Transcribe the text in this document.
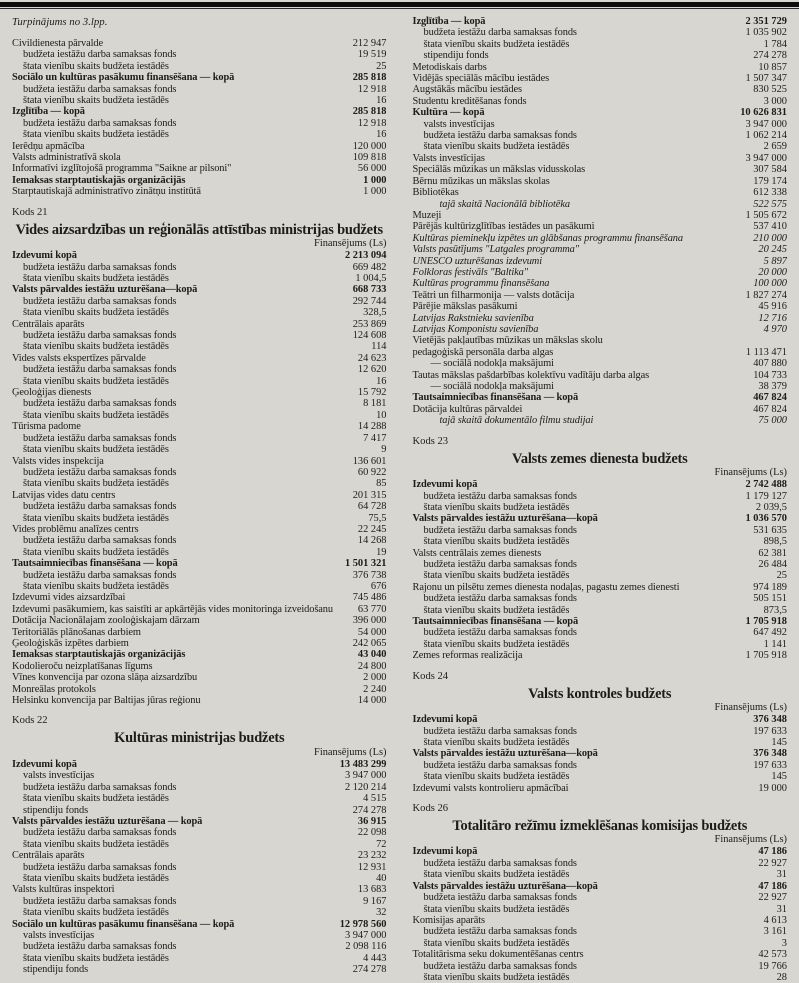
Turpinājums no 3.lpp.
Civildienesta pārvalde	212 947
budžeta iestāžu darba samaksas fonds	19 519
štata vienību skaits budžeta iestādēs	25
Sociālo un kultūras pasākumu finansēšana — kopā	285 818
budžeta iestāžu darba samaksas fonds	12 918
štata vienību skaits budžeta iestādēs	16
Izglītība — kopā	285 818
budžeta iestāžu darba samaksas fonds	12 918
štata vienību skaits budžeta iestādēs	16
Ierēdņu apmācība	120 000
Valsts administratīvā skola	109 818
Informatīvi izglītojošā programma "Saikne ar pilsoni"	56 000
Iemaksas starptautiskajās organizācijās	1 000
Starptautiskajā administratīvo zinātņu institūtā	1 000
Kods 21
Vides aizsardzības un reģionālās attīstības ministrijas budžets
Finansējums (Ls)
Izdevumi kopā	2 213 094
budžeta iestāžu darba samaksas fonds	669 482
štata vienību skaits budžeta iestādēs	1 004,5
Valsts pārvaldes iestāžu uzturēšana—kopā	668 733
budžeta iestāžu darba samaksas fonds	292 744
štata vienību skaits budžeta iestādēs	328,5
Centrālais aparāts	253 869
budžeta iestāžu darba samaksas fonds	124 608
štata vienību skaits budžeta iestādēs	114
Vides valsts ekspertīzes pārvalde	24 623
budžeta iestāžu darba samaksas fonds	12 620
štata vienību skaits budžeta iestādēs	16
Ģeoloģijas dienests	15 792
budžeta iestāžu darba samaksas fonds	8 181
štata vienību skaits budžeta iestādēs	10
Tūrisma padome	14 288
budžeta iestāžu darba samaksas fonds	7 417
štata vienību skaits budžeta iestādēs	9
Valsts vides inspekcija	136 601
budžeta iestāžu darba samaksas fonds	60 922
štata vienību skaits budžeta iestādēs	85
Latvijas vides datu centrs	201 315
budžeta iestāžu darba samaksas fonds	64 728
štata vienību skaits budžeta iestādēs	75,5
Vides problēmu analīzes centrs	22 245
budžeta iestāžu darba samaksas fonds	14 268
štata vienību skaits budžeta iestādēs	19
Tautsaimniecības finansēšana — kopā	1 501 321
budžeta iestāžu darba samaksas fonds	376 738
štata vienību skaits budžeta iestādēs	676
Izdevumi vides aizsardzībai	745 486
Izdevumi pasākumiem, kas saistīti ar apkārtējās vides monitoringa izveidošanu	63 770
Dotācija Nacionālajam zooloģiskajam dārzam	396 000
Teritoriālās plānošanas darbiem	54 000
Ģeoloģiskās izpētes darbiem	242 065
Iemaksas starptautiskajās organizācijās	43 040
Kodolieroču neizplatīšanas līgums	24 800
Vīnes konvencija par ozona slāņa aizsardzību	2 000
Monreālas protokols	2 240
Helsinku konvencija par Baltijas jūras reģionu	14 000
Kods 22
Kultūras ministrijas budžets
Finansējums (Ls)
Izdevumi kopā	13 483 299
valsts investīcijas	3 947 000
budžeta iestāžu darba samaksas fonds	2 120 214
štata vienību skaits budžeta iestādēs	4 515
stipendiju fonds	274 278
Valsts pārvaldes iestāžu uzturēšana — kopā	36 915
budžeta iestāžu darba samaksas fonds	22 098
štata vienību skaits budžeta iestādēs	72
Centrālais aparāts	23 232
budžeta iestāžu darba samaksas fonds	12 931
štata vienību skaits budžeta iestādēs	40
Valsts kultūras inspektori	13 683
budžeta iestāžu darba samaksas fonds	9 167
štata vienību skaits budžeta iestādēs	32
Sociālo un kultūras pasākumu finansēšana — kopā	12 978 560
valsts investīcijas	3 947 000
budžeta iestāžu darba samaksas fonds	2 098 116
štata vienību skaits budžeta iestādēs	4 443
stipendiju fonds	274 278
Izglītība — kopā	2 351 729
budžeta iestāžu darba samaksas fonds	1 035 902
štata vienību skaits budžeta iestādēs	1 784
stipendiju fonds	274 278
Metodiskais darbs	10 857
Vidējās speciālās mācību iestādes	1 507 347
Augstākās mācību iestādes	830 525
Studentu kreditēšanas fonds	3 000
Kultūra — kopā	10 626 831
valsts investīcijas	3 947 000
budžeta iestāžu darba samaksas fonds	1 062 214
štata vienību skaits budžeta iestādēs	2 659
Valsts investīcijas	3 947 000
Speciālās mūzikas un mākslas vidusskolas	307 584
Bērnu mūzikas un mākslas skolas	179 174
Bibliotēkas	612 338
tajā skaitā Nacionālā bibliotēka	522 575
Muzeji	1 505 672
Pārējās kultūrizglītības iestādes un pasākumi	537 410
Kultūras pieminekļu izpētes un glābšanas programmu finansēšana	210 000
Valsts pasūtījums "Latgales programma"	20 245
UNESCO uzturēšanas izdevumi	5 897
Folkloras festivāls "Baltika"	20 000
Kultūras programmu finansēšana	100 000
Teātri un filharmonija — valsts dotācija	1 827 274
Pārējie mākslas pasākumi	45 916
Latvijas Rakstnieku savienība	12 716
Latvijas Komponistu savienība	4 970
Vietējās pakļautības mūzikas un mākslas skolu
pedagoģiskā personāla darba algas	1 113 471
— sociālā nodokļa maksājumi	407 880
Tautas mākslas pašdarbības kolektīvu vadītāju darba algas	104 733
— sociālā nodokļa maksājumi	38 379
Tautsaimniecības finansēšana — kopā	467 824
Dotācija kultūras pārvaldei	467 824
tajā skaitā dokumentālo filmu studijai	75 000
Kods 23
Valsts zemes dienesta budžets
Finansējums (Ls)
Izdevumi kopā	2 742 488
budžeta iestāžu darba samaksas fonds	1 179 127
štata vienību skaits budžeta iestādēs	2 039,5
Valsts pārvaldes iestāžu uzturēšana—kopā	1 036 570
budžeta iestāžu darba samaksas fonds	531 635
štata vienību skaits budžeta iestādēs	898,5
Valsts centrālais zemes dienests	62 381
budžeta iestāžu darba samaksas fonds	26 484
štata vienību skaits budžeta iestādēs	25
Rajonu un pilsētu zemes dienesta nodaļas, pagastu zemes dienesti	974 189
budžeta iestāžu darba samaksas fonds	505 151
štata vienību skaits budžeta iestādēs	873,5
Tautsaimniecības finansēšana — kopā	1 705 918
budžeta iestāžu darba samaksas fonds	647 492
štata vienību skaits budžeta iestādēs	1 141
Zemes reformas realizācija	1 705 918
Kods 24
Valsts kontroles budžets
Finansējums (Ls)
Izdevumi kopā	376 348
budžeta iestāžu darba samaksas fonds	197 633
štata vienību skaits budžeta iestādēs	145
Valsts pārvaldes iestāžu uzturēšana—kopā	376 348
budžeta iestāžu darba samaksas fonds	197 633
štata vienību skaits budžeta iestādēs	145
Izdevumi valsts kontrolieru apmācībai	19 000
Kods 26
Totalitāro režīmu izmeklēšanas komisijas budžets
Finansējums (Ls)
Izdevumi kopā	47 186
budžeta iestāžu darba samaksas fonds	22 927
štata vienību skaits budžeta iestādēs	31
Valsts pārvaldes iestāžu uzturēšana—kopā	47 186
budžeta iestāžu darba samaksas fonds	22 927
štata vienību skaits budžeta iestādēs	31
Komisijas aparāts	4 613
budžeta iestāžu darba samaksas fonds	3 161
štata vienību skaits budžeta iestādēs	3
Totalitārisma seku dokumentēšanas centrs	42 573
budžeta iestāžu darba samaksas fonds	19 766
štata vienību skaits budžeta iestādēs	28
